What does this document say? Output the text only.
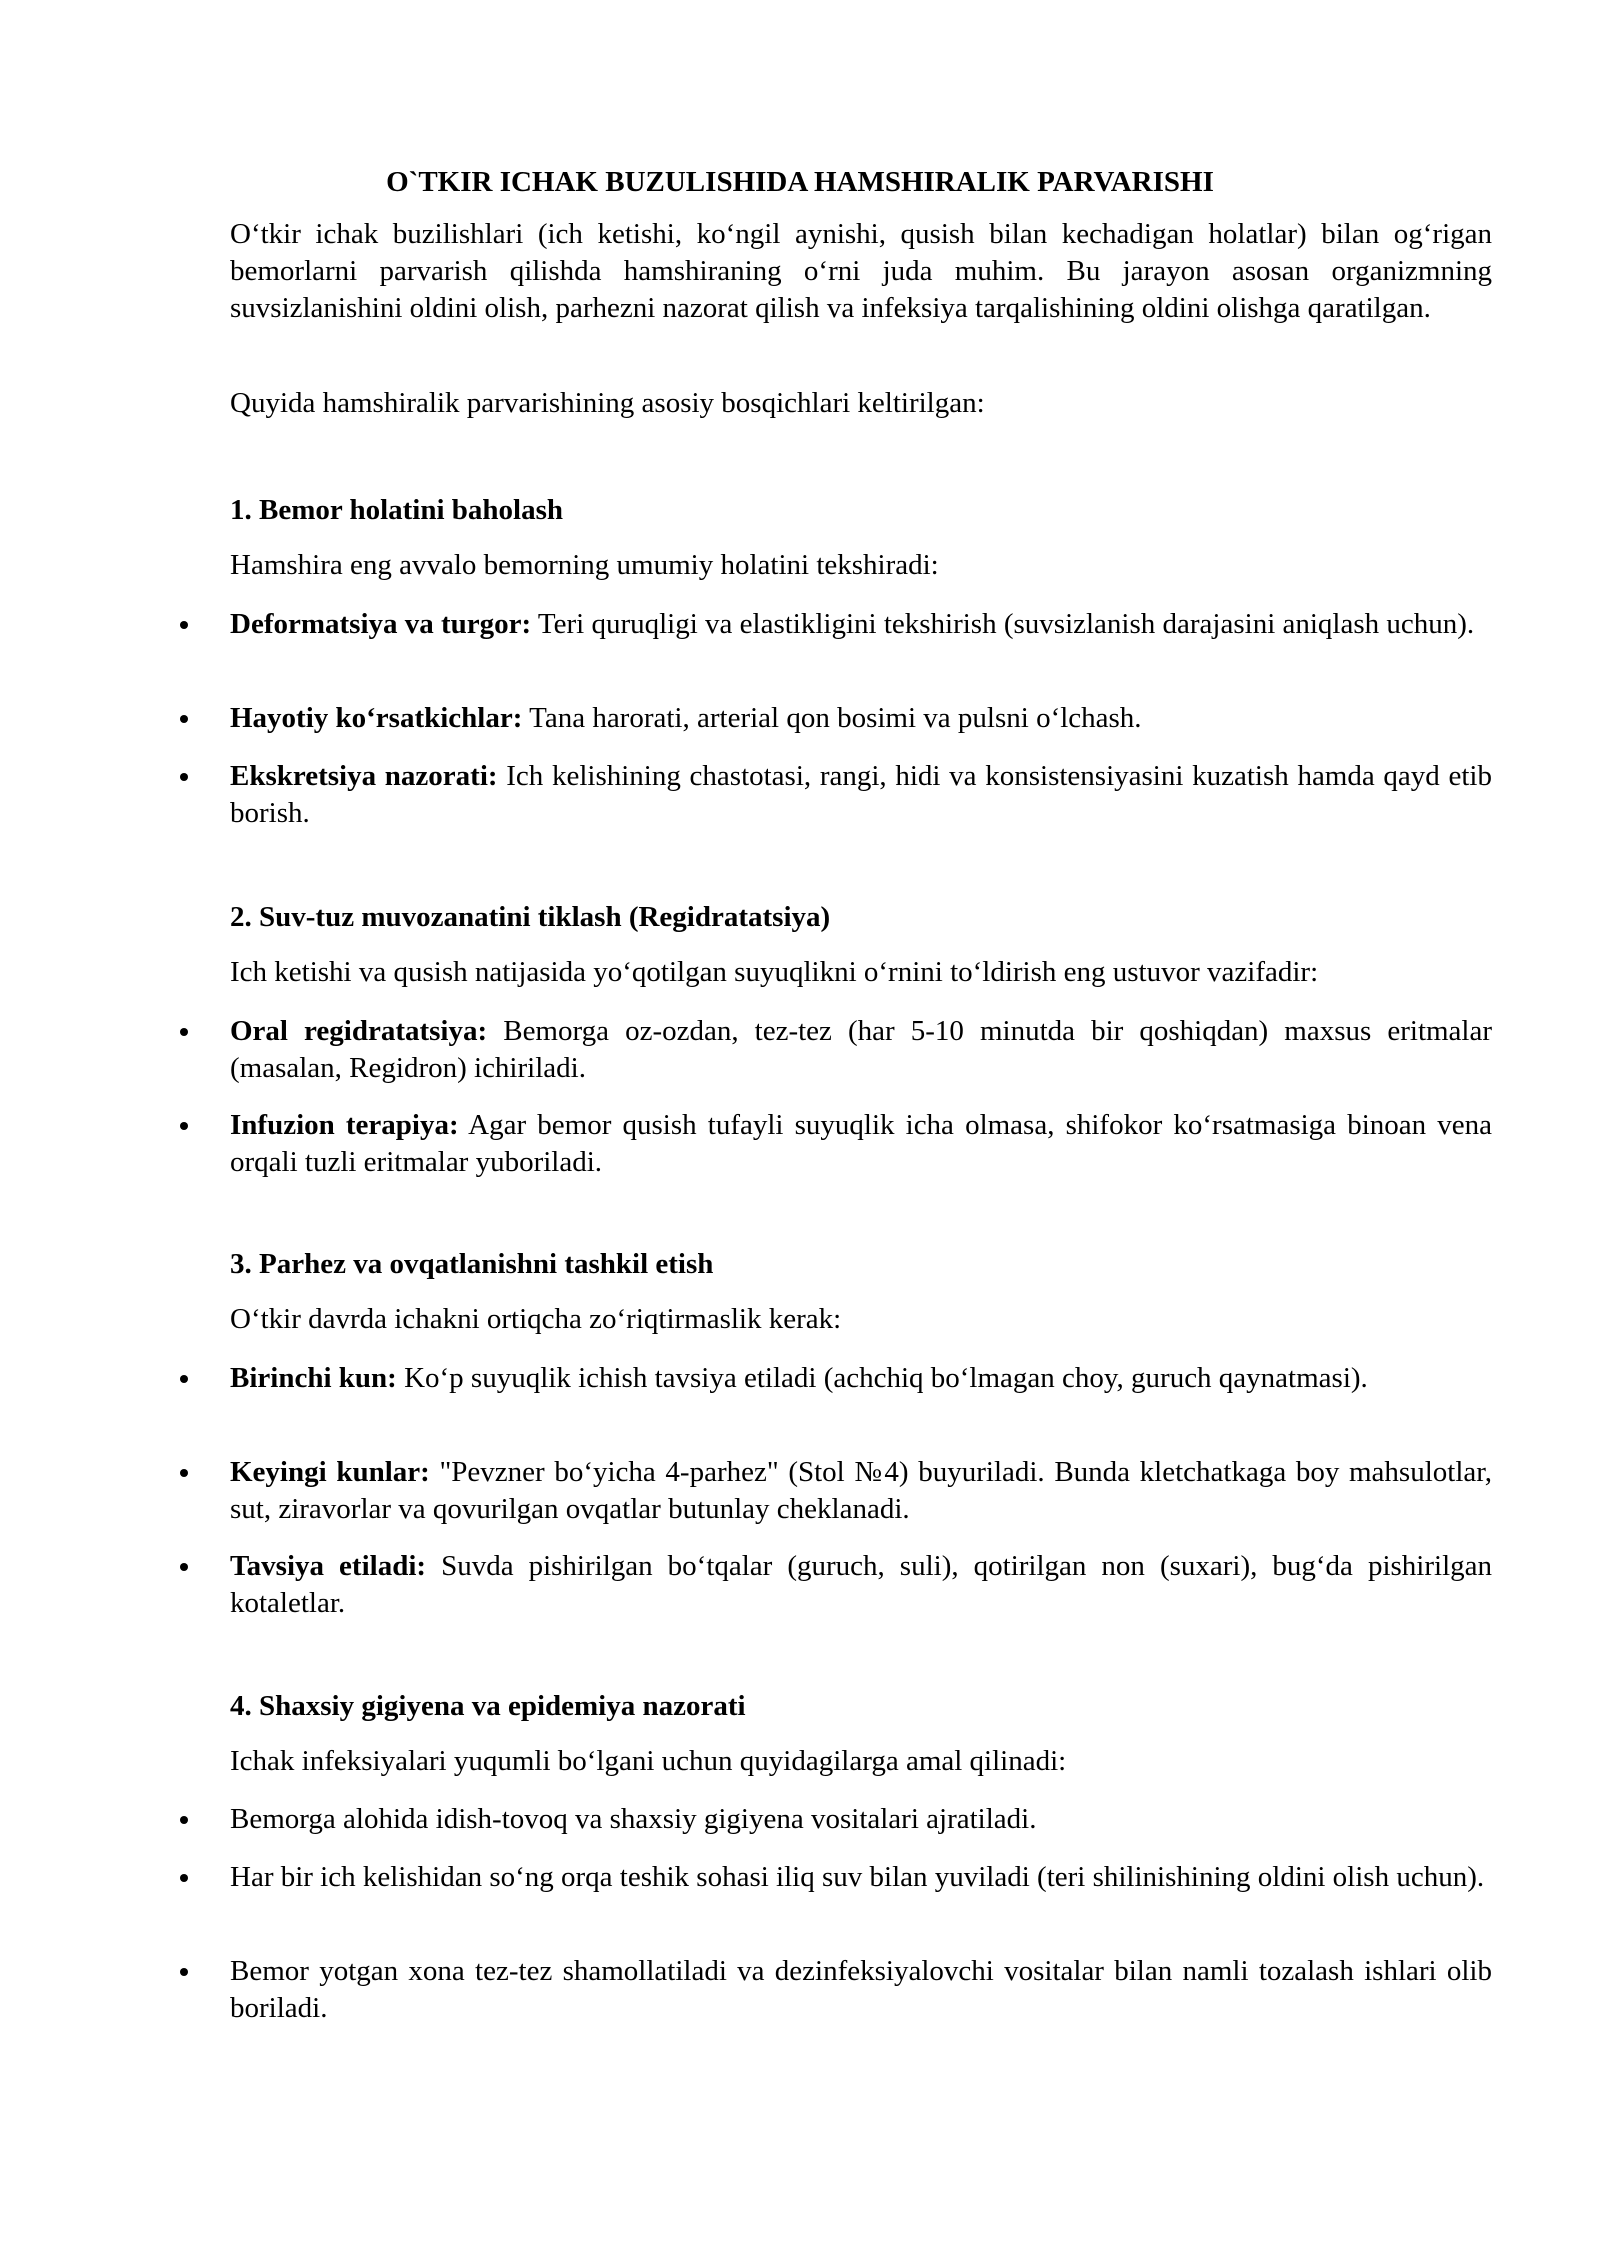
O`TKIR ICHAK BUZULISHIDA HAMSHIRALIK PARVARISHI

O‘tkir ichak buzilishlari (ich ketishi, ko‘ngil aynishi, qusish bilan kechadigan holatlar) bilan og‘rigan bemorlarni parvarish qilishda hamshiraning o‘rni juda muhim. Bu jarayon asosan organizmning suvsizlanishini oldini olish, parhezni nazorat qilish va infeksiya tarqalishining oldini olishga qaratilgan.

Quyida hamshiralik parvarishining asosiy bosqichlari keltirilgan:

1. Bemor holatini baholash

Hamshira eng avvalo bemorning umumiy holatini tekshiradi:

Deformatsiya va turgor: Teri quruqligi va elastikligini tekshirish (suvsizlanish darajasini aniqlash uchun).

Hayotiy ko‘rsatkichlar: Tana harorati, arterial qon bosimi va pulsni o‘lchash.

Ekskretsiya nazorati: Ich kelishining chastotasi, rangi, hidi va konsistensiyasini kuzatish hamda qayd etib borish.

2. Suv-tuz muvozanatini tiklash (Regidratatsiya)

Ich ketishi va qusish natijasida yo‘qotilgan suyuqlikni o‘rnini to‘ldirish eng ustuvor vazifadir:

Oral regidratatsiya: Bemorga oz-ozdan, tez-tez (har 5-10 minutda bir qoshiqdan) maxsus eritmalar (masalan, Regidron) ichiriladi.

Infuzion terapiya: Agar bemor qusish tufayli suyuqlik icha olmasa, shifokor ko‘rsatmasiga binoan vena orqali tuzli eritmalar yuboriladi.

3. Parhez va ovqatlanishni tashkil etish

O‘tkir davrda ichakni ortiqcha zo‘riqtirmaslik kerak:

Birinchi kun: Ko‘p suyuqlik ichish tavsiya etiladi (achchiq bo‘lmagan choy, guruch qaynatmasi).

Keyingi kunlar: "Pevzner bo‘yicha 4-parhez" (Stol №4) buyuriladi. Bunda kletchatkaga boy mahsulotlar, sut, ziravorlar va qovurilgan ovqatlar butunlay cheklanadi.

Tavsiya etiladi: Suvda pishirilgan bo‘tqalar (guruch, suli), qotirilgan non (suxari), bug‘da pishirilgan kotaletlar.

4. Shaxsiy gigiyena va epidemiya nazorati

Ichak infeksiyalari yuqumli bo‘lgani uchun quyidagilarga amal qilinadi:

Bemorga alohida idish-tovoq va shaxsiy gigiyena vositalari ajratiladi.

Har bir ich kelishidan so‘ng orqa teshik sohasi iliq suv bilan yuviladi (teri shilinishining oldini olish uchun).

Bemor yotgan xona tez-tez shamollatiladi va dezinfeksiyalovchi vositalar bilan namli tozalash ishlari olib boriladi.
